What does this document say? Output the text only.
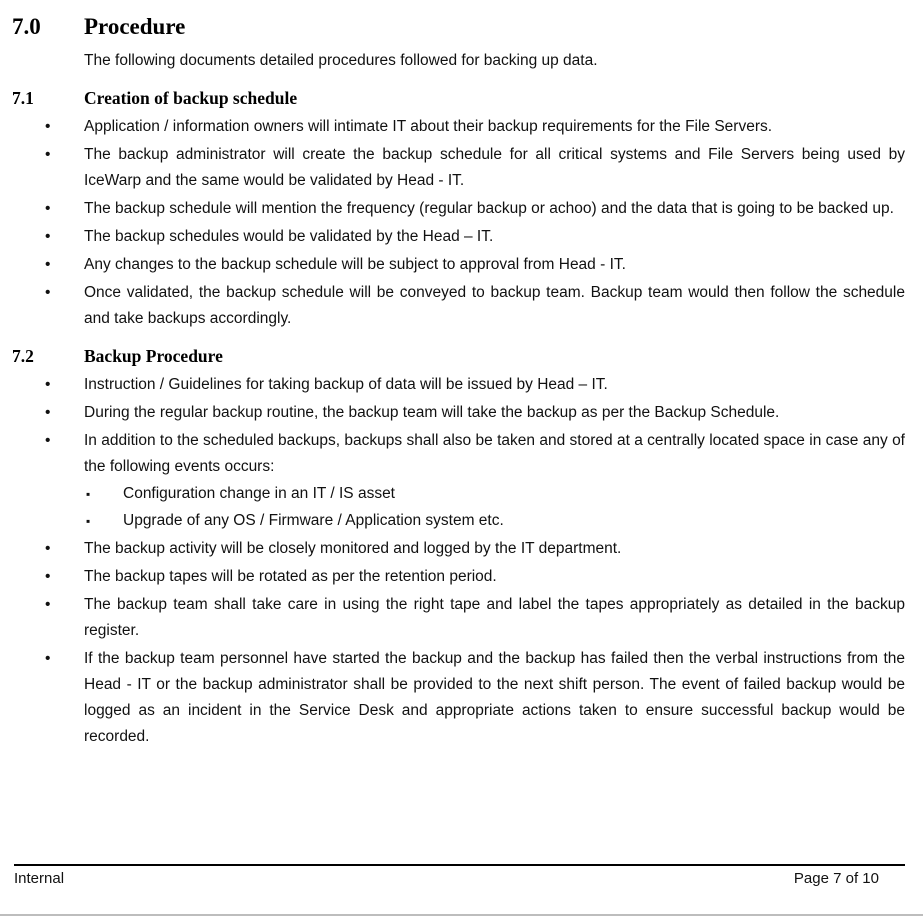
7.0	Procedure

The following documents detailed procedures followed for backing up data.

7.1	Creation of backup schedule
•	Application / information owners will intimate IT about their backup requirements for the File Servers.

•	The backup administrator will create the backup schedule for all critical systems and File Servers being used by IceWarp and the same would be validated by Head - IT.

•	The backup schedule will mention the frequency (regular backup or achoo) and the data that is going to be backed up.

•	The backup schedules would be validated by the Head – IT.

•	Any changes to the backup schedule will be subject to approval from Head - IT.

•	Once validated, the backup schedule will be conveyed to backup team. Backup team would then follow the schedule and take backups accordingly.

7.2	Backup Procedure
•	Instruction / Guidelines for taking backup of data will be issued by Head – IT.

•	During the regular backup routine, the backup team will take the backup as per the Backup Schedule.

•	In addition to the scheduled backups, backups shall also be taken and stored at a centrally located space in case any of the following events occurs:

▪	Configuration change in an IT / IS asset

▪	Upgrade of any OS / Firmware / Application system etc.

•	The backup activity will be closely monitored and logged by the IT department.

•	The backup tapes will be rotated as per the retention period.

•	The backup team shall take care in using the right tape and label the tapes appropriately as detailed in the backup register.

•	If the backup team personnel have started the backup and the backup has failed then the verbal instructions from the Head - IT or the backup administrator shall be provided to the next shift person. The event of failed backup would be logged as an incident in the Service Desk and appropriate actions taken to ensure successful backup would be recorded.

Internal	Page 7 of 10
